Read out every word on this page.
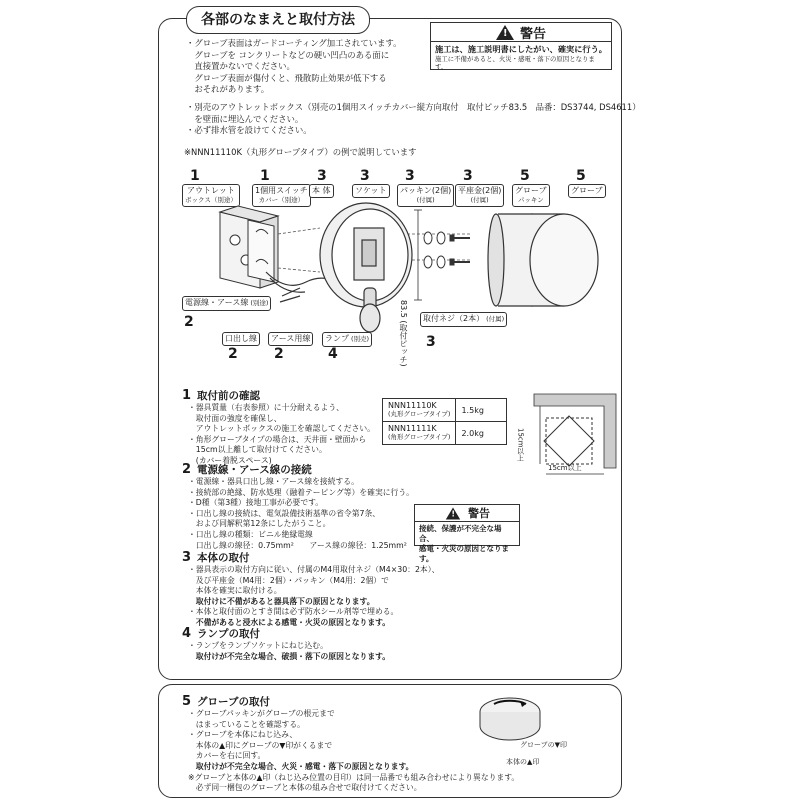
各部のなまえと取付方法
・グローブ表面はガードコーティング加工されています。
　グローブを コンクリートなどの硬い凹凸のある面に
　直接置かないでください。
　グローブ表面が傷付くと、飛散防止効果が低下する
　おそれがあります。
・別売のアウトレットボックス（別売の1個用スイッチカバー縦方向取付　取付ピッチ83.5　品番：DS3744, DS4611）
　を壁面に埋込んでください。
・必ず排水管を設けてください。
!
警告
施工は、施工説明書にしたがい、確実に行う。
施工に不備があると、火災・感電・落下の原因となります。
※NNN11110K（丸形グローブタイプ）の例で説明しています
1
アウトレット
ボックス（別途）
1
1個用スイッチ
カバー（別途）
3
本 体
3
ソケット
3
パッキン(2個)
(付属)
3
平座金(2個)
(付属)
5
グローブ
パッキン
5
グローブ
電源線・アース線 (別途)
2
口出し線
2
アース用線
2
ランプ (別売)
4
取付ネジ（2本） (付属)
3
83.5 (取付ピッチ)
1 取付前の確認
・器具質量（右表参照）に十分耐えるよう、
　取付面の強度を確保し、
　アウトレットボックスの施工を確認してください。
・角形グローブタイプの場合は、天井面・壁面から
　15cm以上離して取付けてください。
　(カバー着脱スペース)
2 電源線・アース線の接続
・電源線・器具口出し線・アース線を接続する。
・接続部の絶縁、防水処理（融着テーピング等）を確実に行う。
・D種（第3種）接地工事が必要です。
・口出し線の接続は、電気設備技術基準の省令第7条、
　および同解釈第12条にしたがうこと。
・口出し線の種類：ビニル絶縁電線
　口出し線の線径：0.75mm²　　アース線の線径：1.25mm²
3 本体の取付
・器具表示の取付方向に従い、付属のM4用取付ネジ（M4×30：2本）、
　及び平座金（M4用：2個）・パッキン（M4用：2個）で
　本体を確実に取付ける。
　取付けに不備があると器具落下の原因となります。
・本体と取付面のとすき間は必ず防水シール剤等で埋める。
　不備があると浸水による感電・火災の原因となります。
4 ランプの取付
・ランプをランプソケットにねじ込む。
　取付けが不完全な場合、破損・落下の原因となります。
5 グローブの取付
・グローブパッキンがグローブの根元まで
　はまっていることを確認する。
・グローブを本体にねじ込み、
　本体の▲印にグローブの▼印がくるまで
　カバーを右に回す。
　取付けが不完全な場合、火災・感電・落下の原因となります。
※グローブと本体の▲印（ねじ込み位置の目印）は同一品番でも組み合わせにより異なります。
　必ず同一梱包のグローブと本体の組み合せで取付けてください。
NNN11110K
(丸形グローブタイプ)	1.5kg

NNN11111K
(角形グローブタイプ)	2.0kg	15cm以上
15cm以上
!
警告
接続、保護が不完全な場合、
感電・火災の原因となります。
グローブの▼印
本体の▲印
